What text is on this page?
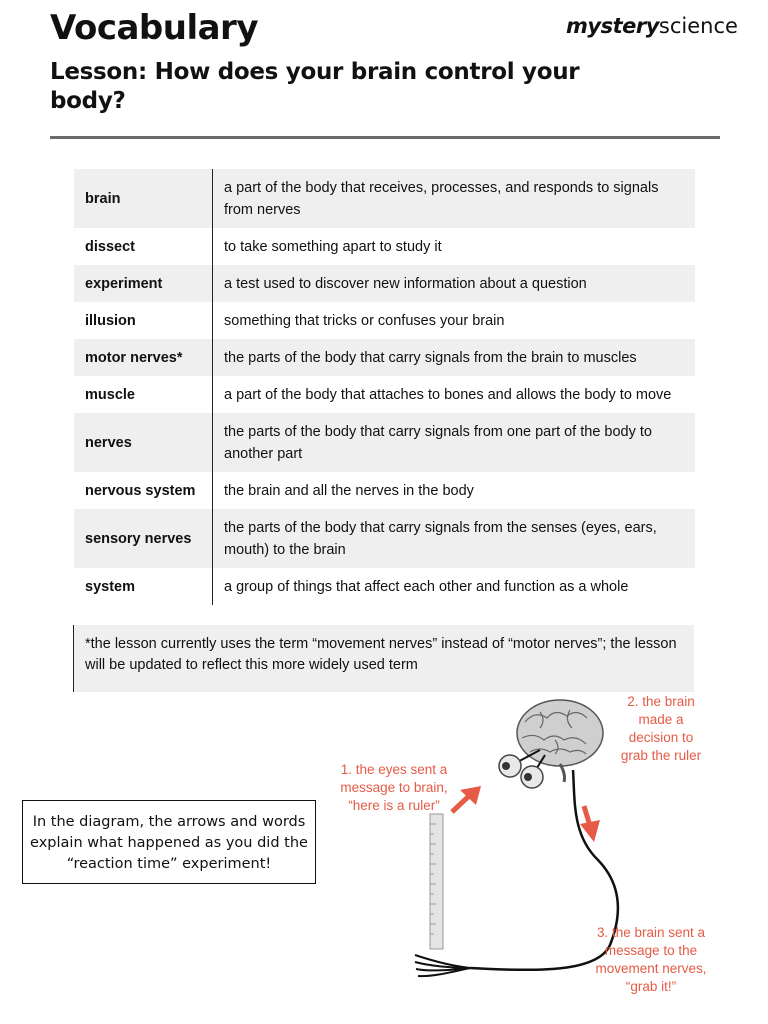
Vocabulary	mysteryscience
Lesson: How does your brain control your body?
brain	a part of the body that receives, processes, and responds to signals from nerves
dissect	to take something apart to study it
experiment	a test used to discover new information about a question
illusion	something that tricks or confuses your brain
motor nerves*	the parts of the body that carry signals from the brain to muscles
muscle	a part of the body that attaches to bones and allows the body to move
nerves	the parts of the body that carry signals from one part of the body to another part
nervous system	the brain and all the nerves in the body
sensory nerves	the parts of the body that carry signals from the senses (eyes, ears, mouth) to the brain
system	a group of things that affect each other and function as a whole
*the lesson currently uses the term “movement nerves” instead of “motor nerves”; the lesson will be updated to reflect this more widely used term
1. the eyes sent a message to brain, “here is a ruler”
2. the brain made a decision to grab the ruler
3. the brain sent a message to the movement nerves, “grab it!”
In the diagram, the arrows and words explain what happened as you did the “reaction time” experiment!
